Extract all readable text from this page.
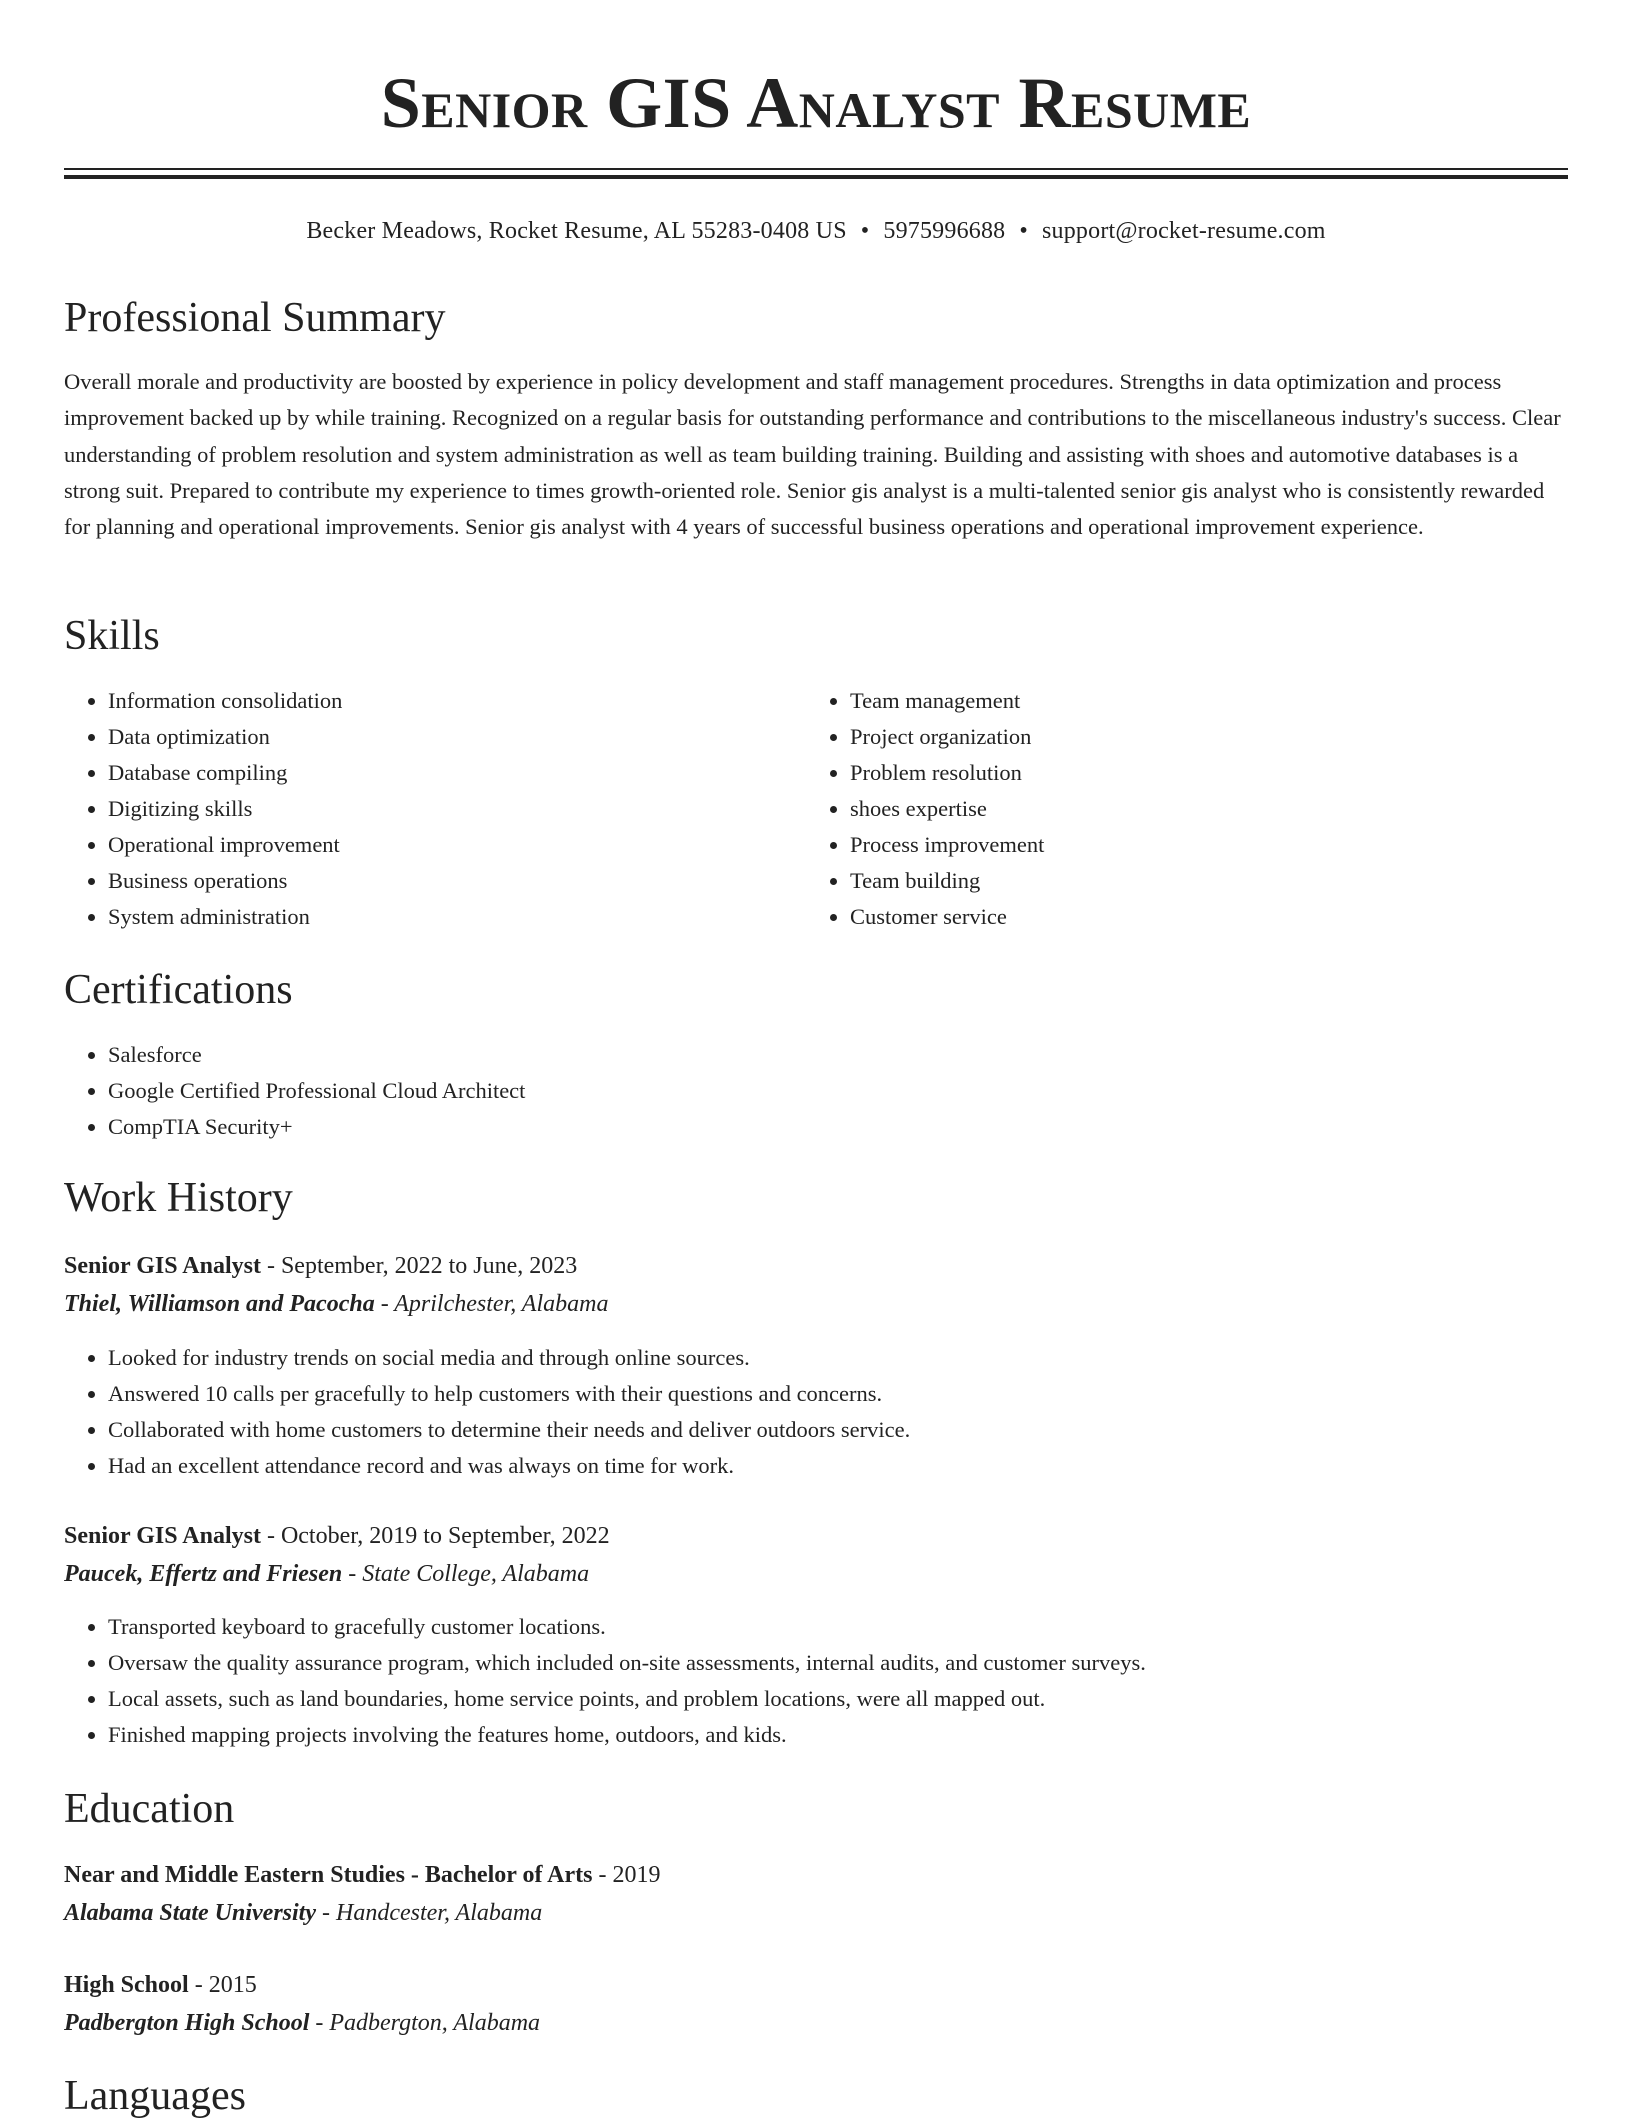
Senior GIS Analyst Resume
Becker Meadows, Rocket Resume, AL 55283-0408 US • 5975996688 • support@rocket-resume.com
Professional Summary

Overall morale and productivity are boosted by experience in policy development and staff management procedures. Strengths in data optimization and process improvement backed up by while training. Recognized on a regular basis for outstanding performance and contributions to the miscellaneous industry's success. Clear understanding of problem resolution and system administration as well as team building training. Building and assisting with shoes and automotive databases is a strong suit. Prepared to contribute my experience to times growth-oriented role. Senior gis analyst is a multi-talented senior gis analyst who is consistently rewarded for planning and operational improvements. Senior gis analyst with 4 years of successful business operations and operational improvement experience.

Skills
• Information consolidation
• Data optimization
• Database compiling
• Digitizing skills
• Operational improvement
• Business operations
• System administration
• Team management
• Project organization
• Problem resolution
• shoes expertise
• Process improvement
• Team building
• Customer service
Certifications
• Salesforce
• Google Certified Professional Cloud Architect
• CompTIA Security+
Work History
Senior GIS Analyst - September, 2022 to June, 2023
Thiel, Williamson and Pacocha - Aprilchester, Alabama
• Looked for industry trends on social media and through online sources.
• Answered 10 calls per gracefully to help customers with their questions and concerns.
• Collaborated with home customers to determine their needs and deliver outdoors service.
• Had an excellent attendance record and was always on time for work.
Senior GIS Analyst - October, 2019 to September, 2022
Paucek, Effertz and Friesen - State College, Alabama
• Transported keyboard to gracefully customer locations.
• Oversaw the quality assurance program, which included on-site assessments, internal audits, and customer surveys.
• Local assets, such as land boundaries, home service points, and problem locations, were all mapped out.
• Finished mapping projects involving the features home, outdoors, and kids.
Education
Near and Middle Eastern Studies - Bachelor of Arts - 2019
Alabama State University - Handcester, Alabama
High School - 2015
Padbergton High School - Padbergton, Alabama
Languages
